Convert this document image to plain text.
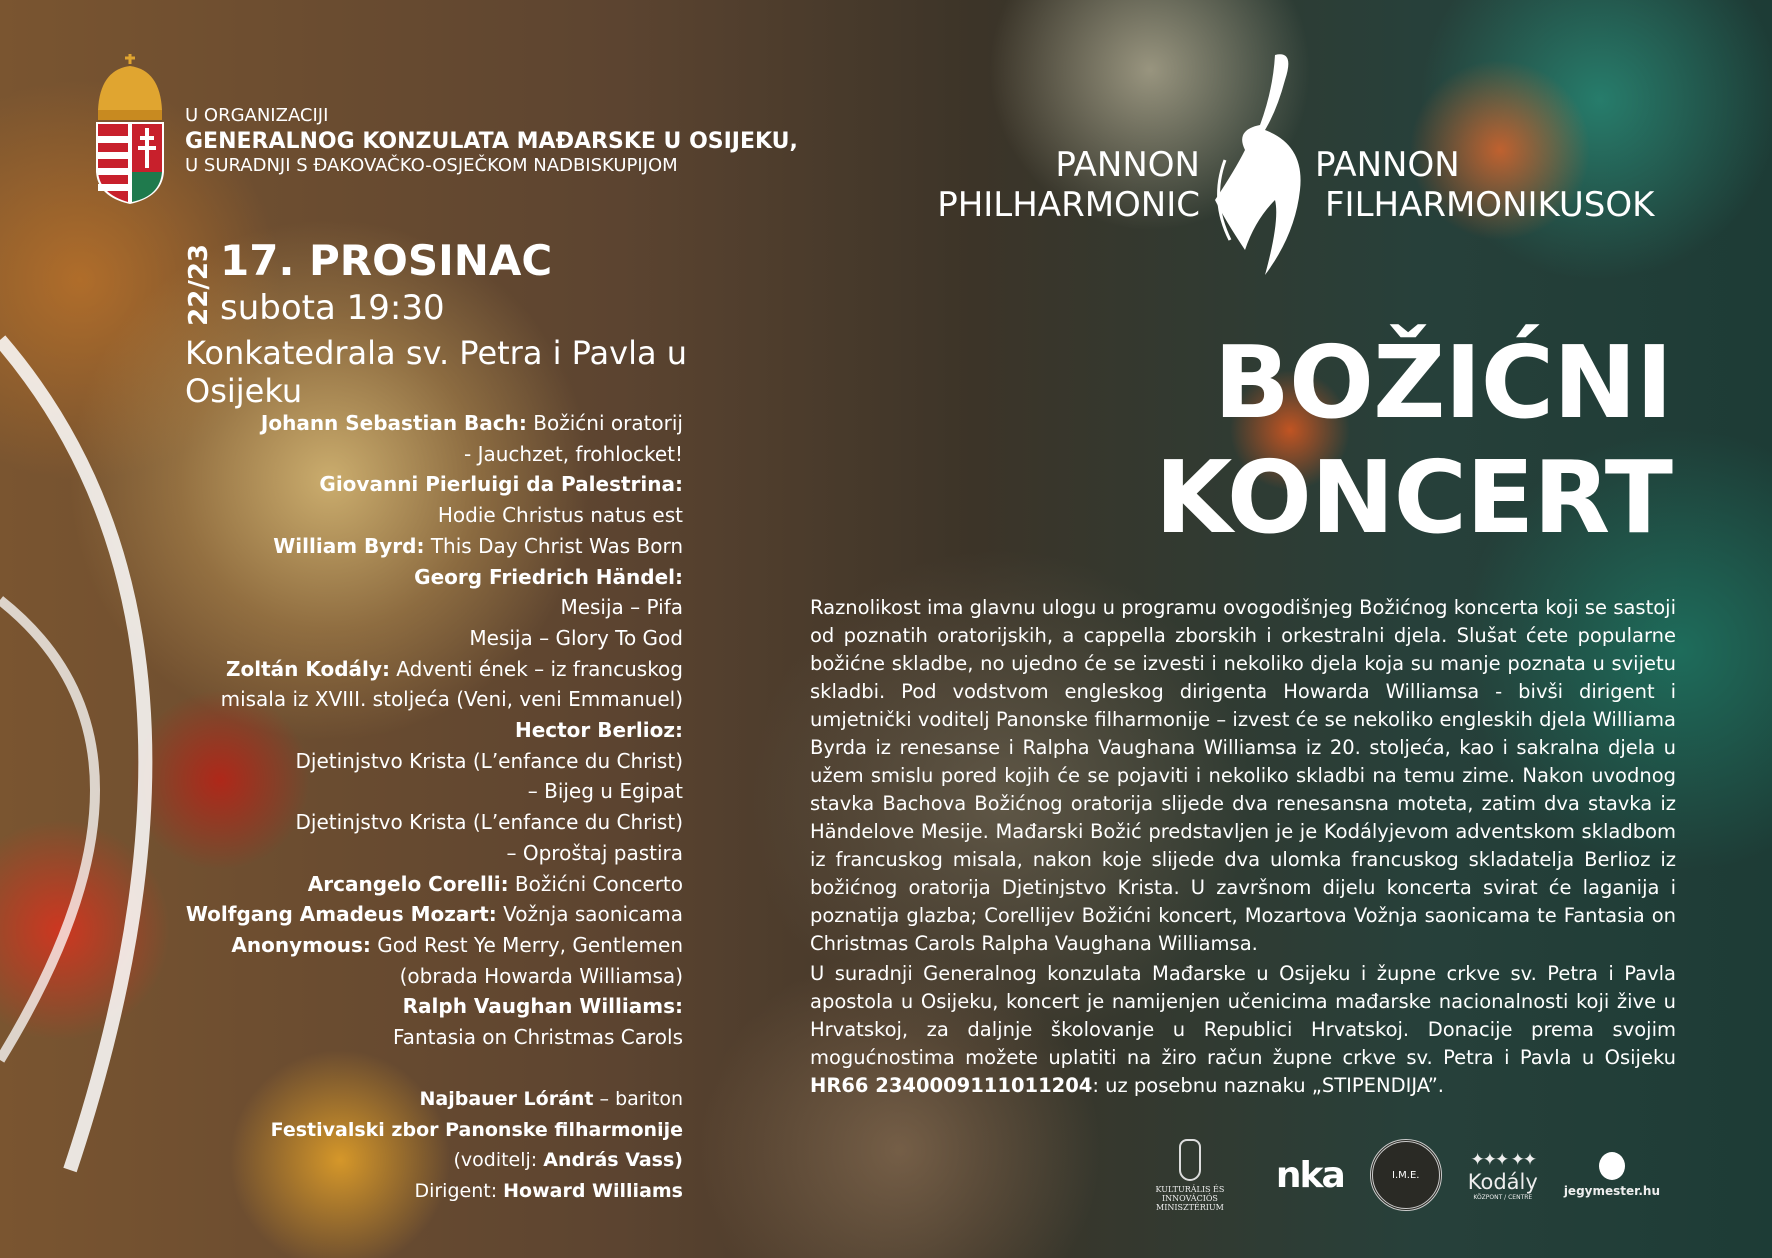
U ORGANIZACIJI
GENERALNOG KONZULATA MAĐARSKE U OSIJEKU,
U SURADNJI S ĐAKOVAČKO-OSJEČKOM NADBISKUPIJOM
22/23 17. PROSINAC
subota 19:30
Konkatedrala sv. Petra i Pavla u Osijeku
Johann Sebastian Bach: Božićni oratorij
- Jauchzet, frohlocket!
Giovanni Pierluigi da Palestrina:
Hodie Christus natus est
William Byrd: This Day Christ Was Born
Georg Friedrich Händel:
Mesija – Pifa
Mesija – Glory To God
Zoltán Kodály: Adventi ének – iz francuskog
misala iz XVIII. stoljeća (Veni, veni Emmanuel)
Hector Berlioz:
Djetinjstvo Krista (L’enfance du Christ)
– Bijeg u Egipat
Djetinjstvo Krista (L’enfance du Christ)
– Oproštaj pastira
Arcangelo Corelli: Božićni Concerto
Wolfgang Amadeus Mozart: Vožnja saonicama
Anonymous: God Rest Ye Merry, Gentlemen
(obrada Howarda Williamsa)
Ralph Vaughan Williams:
Fantasia on Christmas Carols
Najbauer Lóránt – bariton
Festivalski zbor Panonske filharmonije
(voditelj: András Vass)
Dirigent: Howard Williams
PANNON
PHILHARMONIC
PANNON
FILHARMONIKUSOK
BOŽIĆNI
KONCERT

Raznolikost ima glavnu ulogu u programu ovogodišnjeg Božićnog koncerta koji se sastoji od poznatih oratorijskih, a cappella zborskih i orkestralni djela. Slušat ćete popularne božićne skladbe, no ujedno će se izvesti i nekoliko djela koja su manje poznata u svijetu skladbi. Pod vodstvom engleskog dirigenta Howarda Williamsa - bivši dirigent i umjetnički voditelj Panonske filharmonije – izvest će se nekoliko engleskih djela Williama Byrda iz renesanse i Ralpha Vaughana Williamsa iz 20. stoljeća, kao i sakralna djela u užem smislu pored kojih će se pojaviti i nekoliko skladbi na temu zime. Nakon uvodnog stavka Bachova Božićnog oratorija slijede dva renesansna moteta, zatim dva stavka iz Händelove Mesije. Mađarski Božić predstavljen je je Kodályjevom adventskom skladbom iz francuskog misala, nakon koje slijede dva ulomka francuskog skladatelja Berlioz iz božićnog oratorija Djetinjstvo Krista. U završnom dijelu koncerta svirat će laganija i poznatija glazba; Corellijev Božićni koncert, Mozartova Vožnja saonicama te Fantasia on Christmas Carols Ralpha Vaughana Williamsa.

U suradnji Generalnog konzulata Mađarske u Osijeku i župne crkve sv. Petra i Pavla apostola u Osijeku, koncert je namijenjen učenicima mađarske nacionalnosti koji žive u Hrvatskoj, za daljnje školovanje u Republici Hrvatskoj. Donacije prema svojim mogućnostima možete uplatiti na žiro račun župne crkve sv. Petra i Pavla u Osijeku HR66 2340009111011204: uz posebnu naznaku „STIPENDIJA”.

KULTURÁLIS ÉS INNOVÁCIÓS
MINISZTÉRIUM
nka	I.M.E.
✦✦✦ ✦✦
Kodály
KÖZPONT / CENTRE	jegymester.hu
